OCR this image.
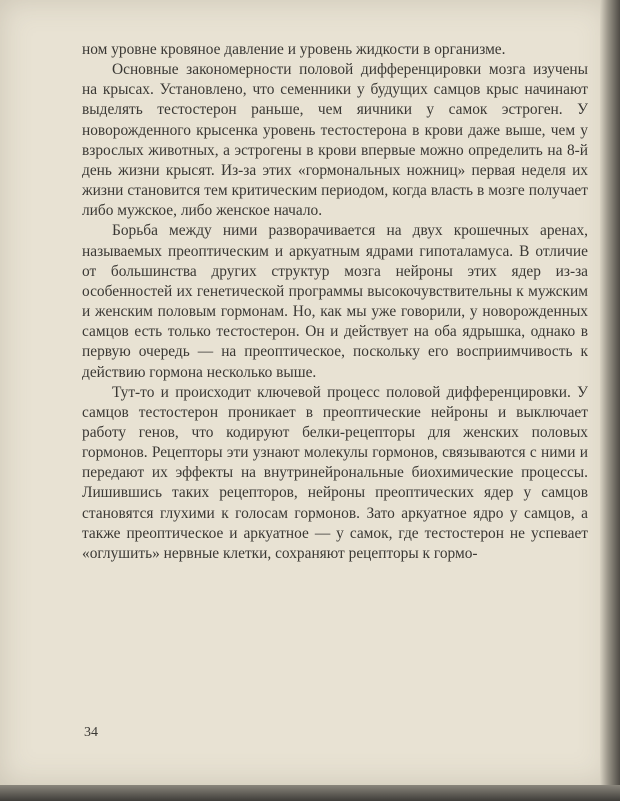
ном уровне кровяное давление и уровень жидкости в организме.

Основные закономерности половой дифференцировки мозга изучены на крысах. Установлено, что семенники у будущих самцов крыс начинают выделять тестостерон раньше, чем яичники у самок эстроген. У новорожденного крысенка уровень тестостерона в крови даже выше, чем у взрослых животных, а эстрогены в крови впервые можно определить на 8-й день жизни крысят. Из-за этих «гормональных ножниц» первая неделя их жизни становится тем критическим периодом, когда власть в мозге получает либо мужское, либо женское начало.

Борьба между ними разворачивается на двух крошечных аренах, называемых преоптическим и аркуатным ядрами гипоталамуса. В отличие от большинства других структур мозга нейроны этих ядер из-за особенностей их генетической программы высокочувствительны к мужским и женским половым гормонам. Но, как мы уже говорили, у новорожденных самцов есть только тестостерон. Он и действует на оба ядрышка, однако в первую очередь — на преоптическое, поскольку его восприимчивость к действию гормона несколько выше.

Тут-то и происходит ключевой процесс половой дифференцировки. У самцов тестостерон проникает в преоптические нейроны и выключает работу генов, что кодируют белки-рецепторы для женских половых гормонов. Рецепторы эти узнают молекулы гормонов, связываются с ними и передают их эффекты на внутринейрональные биохимические процессы. Лишившись таких рецепторов, нейроны преоптических ядер у самцов становятся глухими к голосам гормонов. Зато аркуатное ядро у самцов, а также преоптическое и аркуатное — у самок, где тестостерон не успевает «оглушить» нервные клетки, сохраняют рецепторы к гормо-

34
